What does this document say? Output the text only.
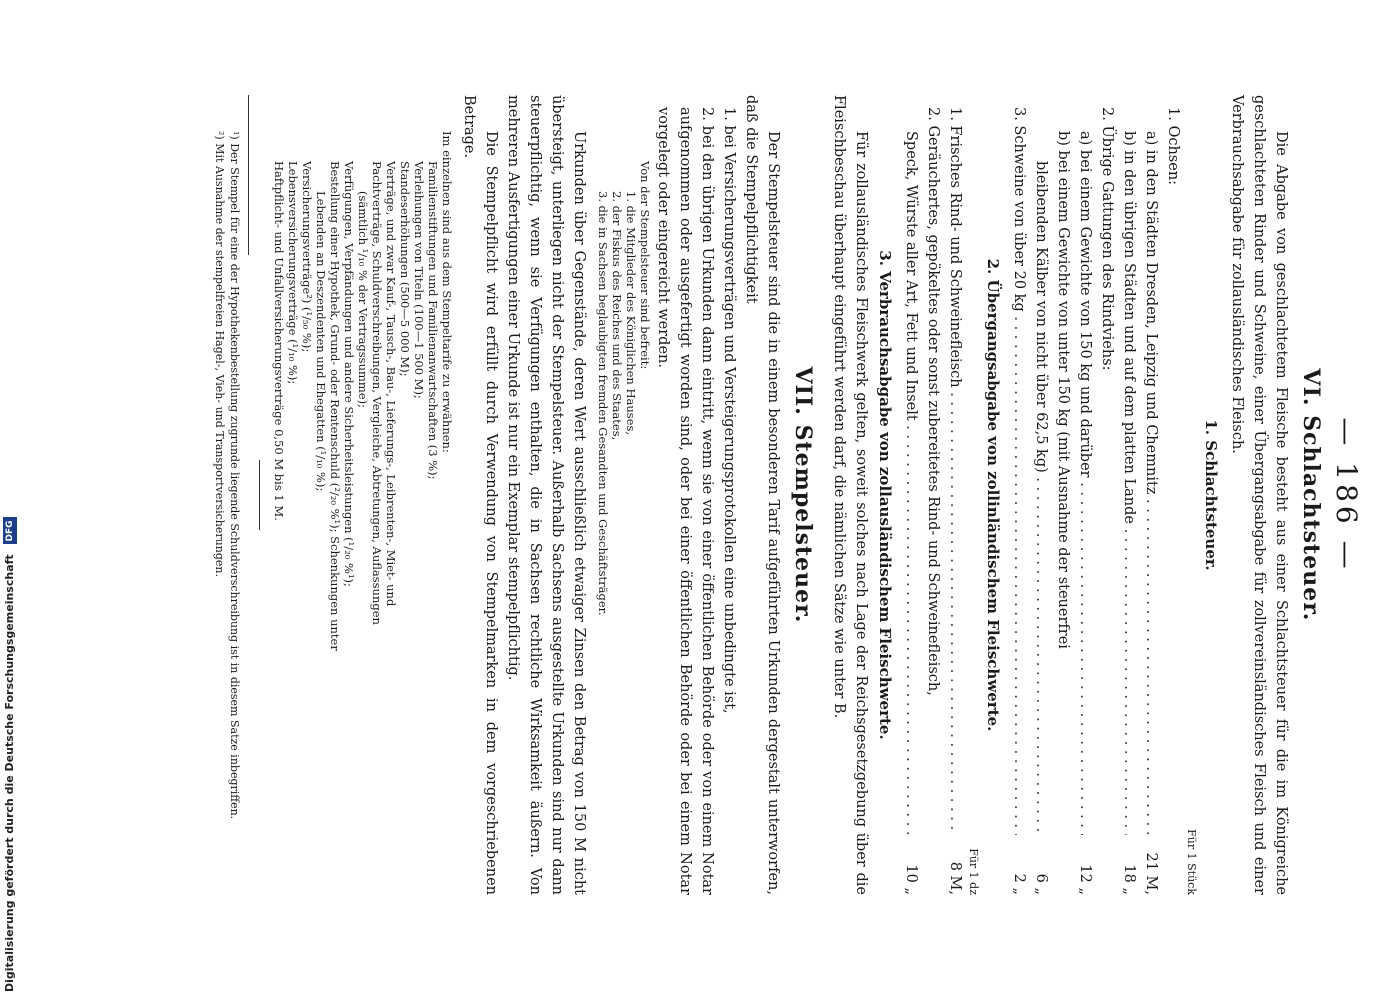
— 186 —
VI. Schlachtsteuer.

Die Abgabe von geschlachtetem Fleische besteht aus einer Schlachtsteuer für die im Königreiche geschlachteten Rinder und Schweine, einer Übergangsabgabe für zollvereinsländisches Fleisch und einer Verbrauchsabgabe für zollausländisches Fleisch.

1. Schlachtsteuer.
Für 1 Stück
1. Ochsen:
a) in den Städten Dresden, Leipzig und Chemnitz . . .
21 M,
b) in den übrigen Städten und auf dem platten Lande . . .
18 „
2. Übrige Gattungen des Rindviehs:
a) bei einem Gewichte von 150 kg und darüber . . .
12 „
b) bei einem Gewichte von unter 150 kg (mit Ausnahme der steuerfrei
bleibenden Kälber von nicht über 62,5 kg) . . .
6 „
3. Schweine von über 20 kg . . .
2 „
2. Übergangsabgabe von zollinländischem Fleischwerte.
Für 1 dz
1. Frisches Rind- und Schweinefleisch . . .
8 M,
2. Geräuchertes, gepökeltes oder sonst zubereitetes Rind- und Schweinefleisch,
Speck, Würste aller Art, Fett und Inselt . . .
10 „
3. Verbrauchsabgabe von zollausländischem Fleischwerte.

Für zollausländisches Fleischwerk gelten, soweit solches nach Lage der Reichsgesetzgebung über die Fleischbeschau überhaupt eingeführt werden darf, die nämlichen Sätze wie unter B.

VII. Stempelsteuer.

Der Stempelsteuer sind die in einem besonderen Tarif aufgeführten Urkunden dergestalt unterworfen, daß die Stempelpflichtigkeit

1. bei Versicherungsverträgen und Versteigerungsprotokollen eine unbedingte ist,

2. bei den übrigen Urkunden dann eintritt, wenn sie von einer öffentlichen Behörde oder von einem Notar aufgenommen oder ausgefertigt worden sind, oder bei einer öffentlichen Behörde oder bei einem Notar vorgelegt oder eingereicht werden.

Von der Stempelsteuer sind befreit:

1. die Mitglieder des Königlichen Hauses,

2. der Fiskus des Reiches und des Staates,

3. die in Sachsen beglaubigten fremden Gesandten und Geschäftsträger.

Urkunden über Gegenstände, deren Wert ausschließlich etwaiger Zinsen den Betrag von 150 M nicht übersteigt, unterliegen nicht der Stempelsteuer. Außerhalb Sachsens ausgestellte Urkunden sind nur dann steuerpflichtig, wenn sie Verfügungen enthalten, die in Sachsen rechtliche Wirksamkeit äußern. Von mehreren Ausfertigungen einer Urkunde ist nur ein Exemplar stempelpflichtig.

Die Stempelpflicht wird erfüllt durch Verwendung von Stempelmarken in dem vorgeschriebenen Betrage.

Im einzelnen sind aus dem Stempeltarife zu erwähnen:

Familienstiftungen und Familienanwartschaften (3 %);

Verleihungen von Titeln (100—1 500 M);

Standeserhöhungen (500—5 000 M);

Verträge, und zwar Kauf-, Tausch-, Bau-, Lieferungs-, Leibrenten-, Miet- und

Pachtverträge, Schuldverschreibungen, Vergleiche, Abtretungen, Auflassungen

(sämtlich ¹/₁₀ % der Vertragssumme);

Verfügungen, Verpfändungen und andere Sicherheitsleistungen (¹/₂₀ %¹);

Bestellung einer Hypothek, Grund- oder Rentenschuld (²/₂₀ %¹); Schenkungen unter

Lebenden an Deszendenten und Ehegatten (¹/₁₀ %);

Versicherungsverträge²) (¹/₅₀ %);

Lebensversicherungsverträge (¹/₁₀ %);

Haftpflicht- und Unfallversicherungsverträge 0,50 M bis 1 M.

¹) Der Stempel für eine der Hypothekenbestellung zugrunde liegende Schuldverschreibung ist in diesem Satze inbegriffen.

²) Mit Ausnahme der stempelfreien Hagel-, Vieh- und Transportversicherungen.

Digitalisierung gefördert durch die Deutsche Forschungsgemeinschaft DFG
